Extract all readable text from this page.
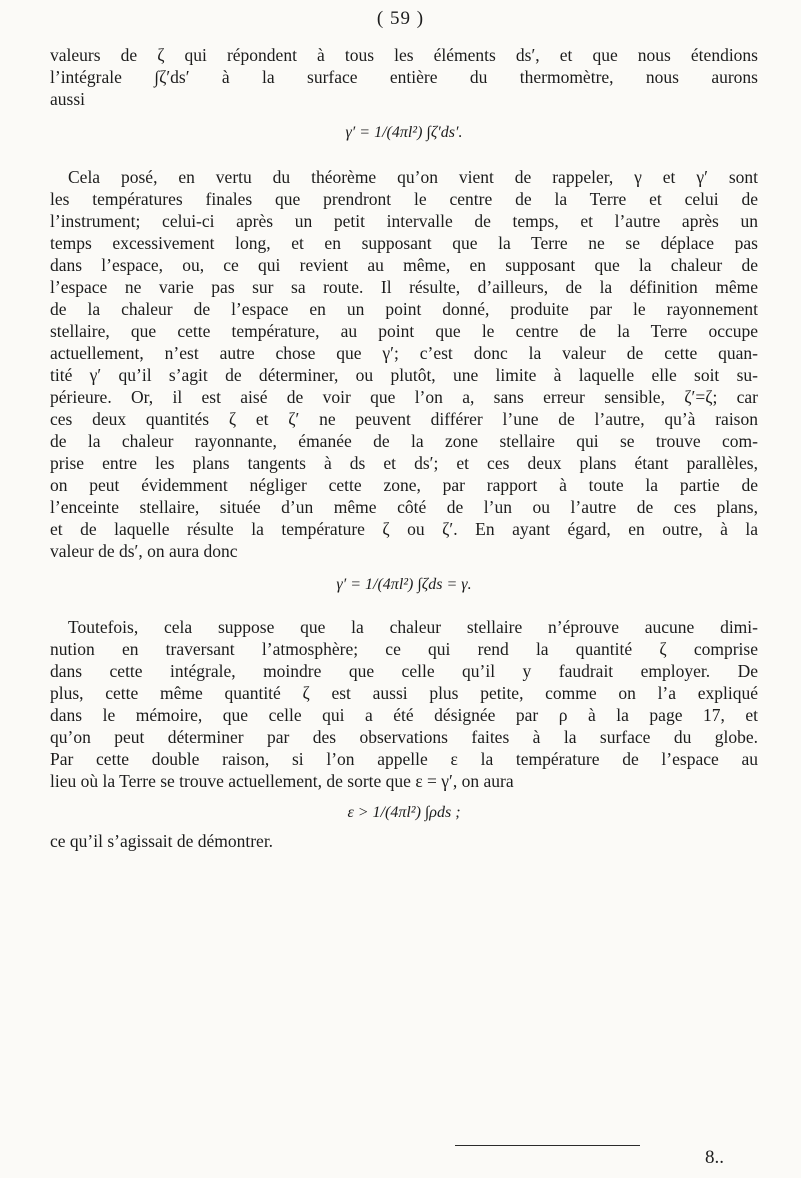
( 59 )

valeurs de ζ qui répondent à tous les éléments ds′, et que nous étendions
l’intégrale ∫ζ′ds′ à la surface entière du thermomètre, nous aurons
aussi

γ′ = 1/(4πl²) ∫ζ′ds′.

Cela posé, en vertu du théorème qu’on vient de rappeler, γ et γ′ sont
les températures finales que prendront le centre de la Terre et celui de
l’instrument; celui-ci après un petit intervalle de temps, et l’autre après un
temps excessivement long, et en supposant que la Terre ne se déplace pas
dans l’espace, ou, ce qui revient au même, en supposant que la chaleur de
l’espace ne varie pas sur sa route. Il résulte, d’ailleurs, de la définition même
de la chaleur de l’espace en un point donné, produite par le rayonnement
stellaire, que cette température, au point que le centre de la Terre occupe
actuellement, n’est autre chose que γ′; c’est donc la valeur de cette quan-
tité γ′ qu’il s’agit de déterminer, ou plutôt, une limite à laquelle elle soit su-
périeure. Or, il est aisé de voir que l’on a, sans erreur sensible, ζ′=ζ; car
ces deux quantités ζ et ζ′ ne peuvent différer l’une de l’autre, qu’à raison
de la chaleur rayonnante, émanée de la zone stellaire qui se trouve com-
prise entre les plans tangents à ds et ds′; et ces deux plans étant parallèles,
on peut évidemment négliger cette zone, par rapport à toute la partie de
l’enceinte stellaire, située d’un même côté de l’un ou l’autre de ces plans,
et de laquelle résulte la température ζ ou ζ′. En ayant égard, en outre, à la
valeur de ds′, on aura donc

γ′ = 1/(4πl²) ∫ζds = γ.

Toutefois, cela suppose que la chaleur stellaire n’éprouve aucune dimi-
nution en traversant l’atmosphère; ce qui rend la quantité ζ comprise
dans cette intégrale, moindre que celle qu’il y faudrait employer. De
plus, cette même quantité ζ est aussi plus petite, comme on l’a expliqué
dans le mémoire, que celle qui a été désignée par ρ à la page 17, et
qu’on peut déterminer par des observations faites à la surface du globe.
Par cette double raison, si l’on appelle ε la température de l’espace au
lieu où la Terre se trouve actuellement, de sorte que ε = γ′, on aura

ε > 1/(4πl²) ∫ρds ;
ce qu’il s’agissait de démontrer.
8..
